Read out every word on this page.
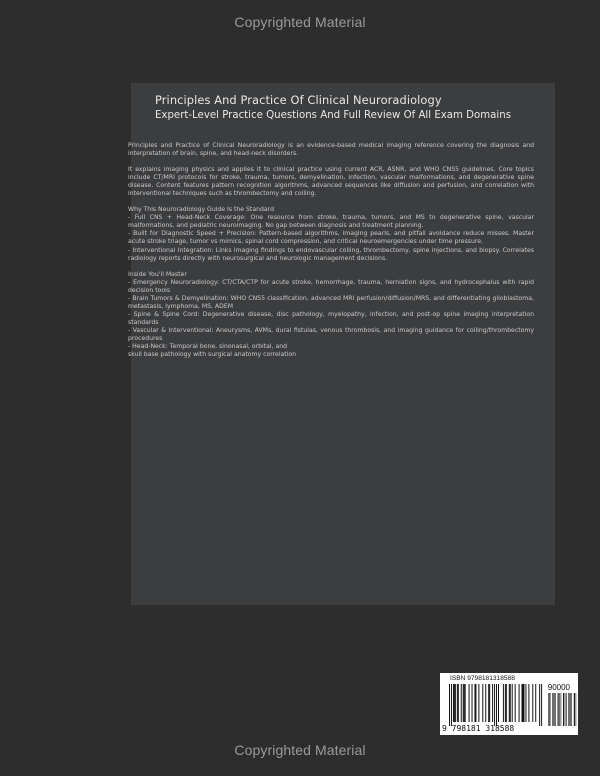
Copyrighted Material
Principles And Practice Of Clinical Neuroradiology
Expert-Level Practice Questions And Full Review Of All Exam Domains

Principles and Practice of Clinical Neuroradiology is an evidence-based medical imaging reference covering the diagnosis and interpretation of brain, spine, and head-neck disorders.

It explains imaging physics and applies it to clinical practice using current ACR, ASNR, and WHO CNS5 guidelines. Core topics include CT/MRI protocols for stroke, trauma, tumors, demyelination, infection, vascular malformations, and degenerative spine disease. Content features pattern recognition algorithms, advanced sequences like diffusion and perfusion, and correlation with interventional techniques such as thrombectomy and coiling.

Why This Neuroradiology Guide Is the Standard
- Full CNS + Head-Neck Coverage: One resource from stroke, trauma, tumors, and MS to degenerative spine, vascular malformations, and pediatric neuroimaging. No gap between diagnosis and treatment planning.
- Built for Diagnostic Speed + Precision: Pattern-based algorithms, imaging pearls, and pitfall avoidance reduce misses. Master acute stroke triage, tumor vs mimics, spinal cord compression, and critical neuroemergencies under time pressure.
- Interventional Integration: Links imaging findings to endovascular coiling, thrombectomy, spine injections, and biopsy. Correlates radiology reports directly with neurosurgical and neurologic management decisions.
Inside You'll Master
- Emergency Neuroradiology: CT/CTA/CTP for acute stroke, hemorrhage, trauma, herniation signs, and hydrocephalus with rapid decision tools
- Brain Tumors & Demyelination: WHO CNS5 classification, advanced MRI perfusion/diffusion/MRS, and differentiating glioblastoma, metastasis, lymphoma, MS, ADEM
- Spine & Spine Cord: Degenerative disease, disc pathology, myelopathy, infection, and post-op spine imaging interpretation standards
- Vascular & Interventional: Aneurysms, AVMs, dural fistulas, venous thrombosis, and imaging guidance for coiling/thrombectomy procedures
- Head-Neck: Temporal bone, sinonasal, orbital, and
skull base pathology with surgical anatomy correlation
ISBN 9798181318588
90000
9 798181 318588
Copyrighted Material
